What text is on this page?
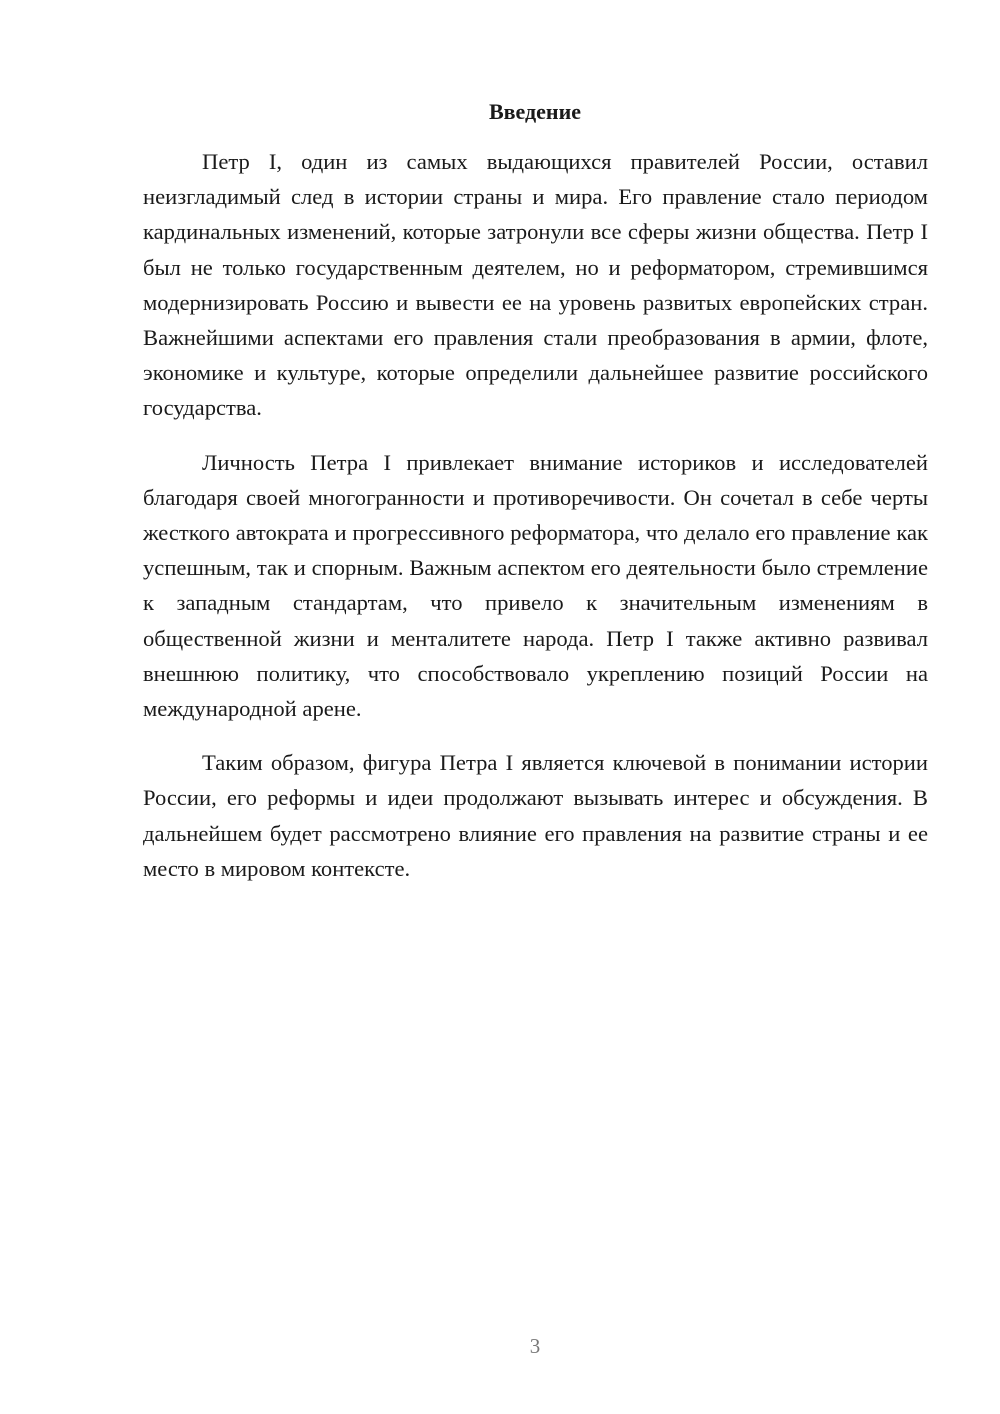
Введение

Петр I, один из самых выдающихся правителей России, оставил неизгладимый след в истории страны и мира. Его правление стало периодом кардинальных изменений, которые затронули все сферы жизни общества. Петр I был не только государственным деятелем, но и реформатором, стремившимся модернизировать Россию и вывести ее на уровень развитых европейских стран. Важнейшими аспектами его правления стали преобразования в армии, флоте, экономике и культуре, которые определили дальнейшее развитие российского государства.

Личность Петра I привлекает внимание историков и исследователей благодаря своей многогранности и противоречивости. Он сочетал в себе черты жесткого автократа и прогрессивного реформатора, что делало его правление как успешным, так и спорным. Важным аспектом его деятельности было стремление к западным стандартам, что привело к значительным изменениям в общественной жизни и менталитете народа. Петр I также активно развивал внешнюю политику, что способствовало укреплению позиций России на международной арене.

Таким образом, фигура Петра I является ключевой в понимании истории России, его реформы и идеи продолжают вызывать интерес и обсуждения. В дальнейшем будет рассмотрено влияние его правления на развитие страны и ее место в мировом контексте.

3
